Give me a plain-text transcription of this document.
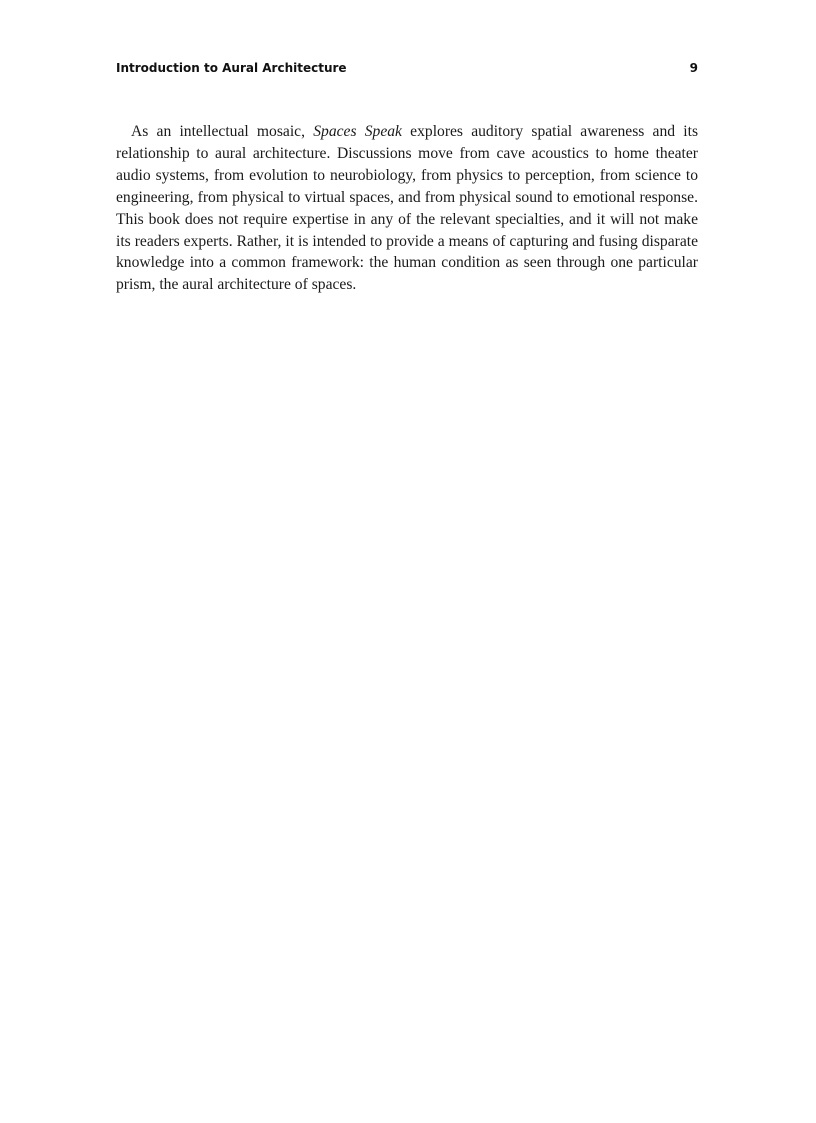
Introduction to Aural Architecture	9

As an intellectual mosaic, Spaces Speak explores auditory spatial awareness and its relationship to aural architecture. Discussions move from cave acoustics to home theater audio systems, from evolution to neurobiology, from physics to perception, from science to engineering, from physical to virtual spaces, and from physical sound to emotional response. This book does not require expertise in any of the relevant specialties, and it will not make its readers experts. Rather, it is intended to provide a means of capturing and fusing disparate knowledge into a common framework: the human condition as seen through one particular prism, the aural architecture of spaces.
